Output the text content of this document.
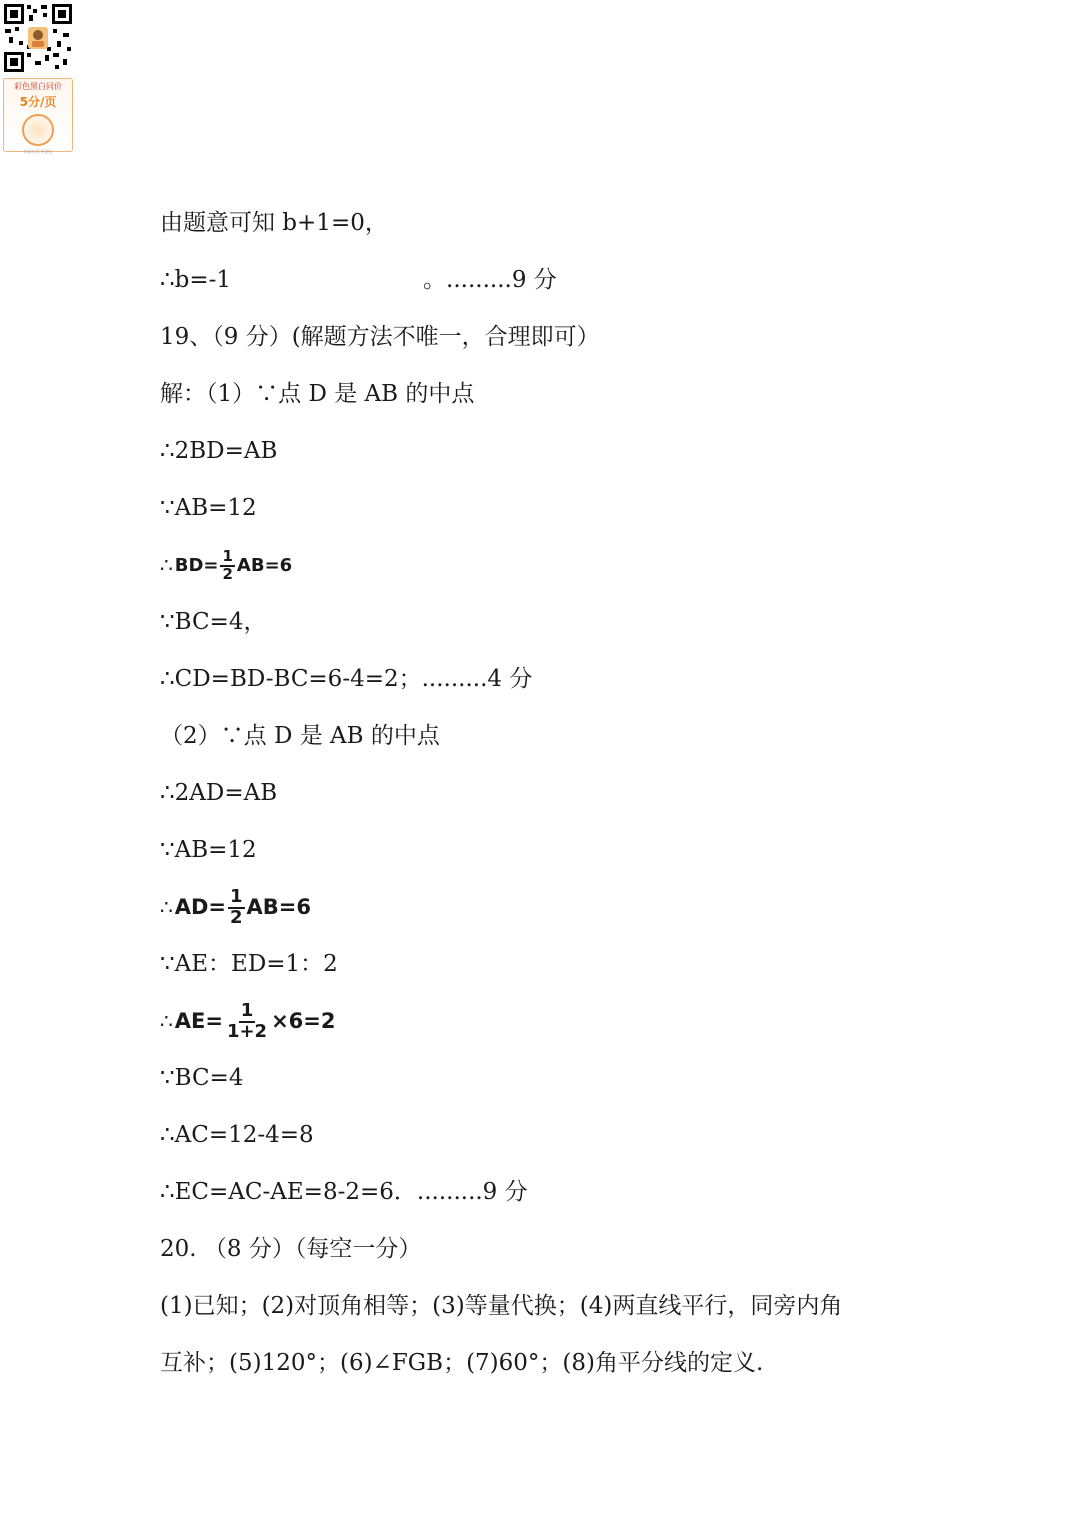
彩色黑白同价
5分/页
扫码打印 更便宜
由题意可知 b+1=0，
∴b=-1	。.........9 分
19、（9 分）(解题方法不唯一，合理即可）
解：（1）∵点 D 是 AB 的中点
∴2BD=AB
∵AB=12
∴ $BD= \frac{1}{2} AB=6$
∵BC=4，
∴CD=BD-BC=6-4=2；.........4 分
（2）∵点 D 是 AB 的中点
∴2AD=AB
∵AB=12
∴ $AD= \frac{1}{2} AB=6$
∵AE：ED=1：2
∴ $AE= \frac{1}{1+2} \times 6=2$
∵BC=4
∴AC=12-4=8
∴EC=AC-AE=8-2=6．.........9 分
20. （8 分）（每空一分）
(1)已知；(2)对顶角相等；(3)等量代换；(4)两直线平行，同旁内角
互补；(5)120°；(6)∠FGB；(7)60°；(8)角平分线的定义.
